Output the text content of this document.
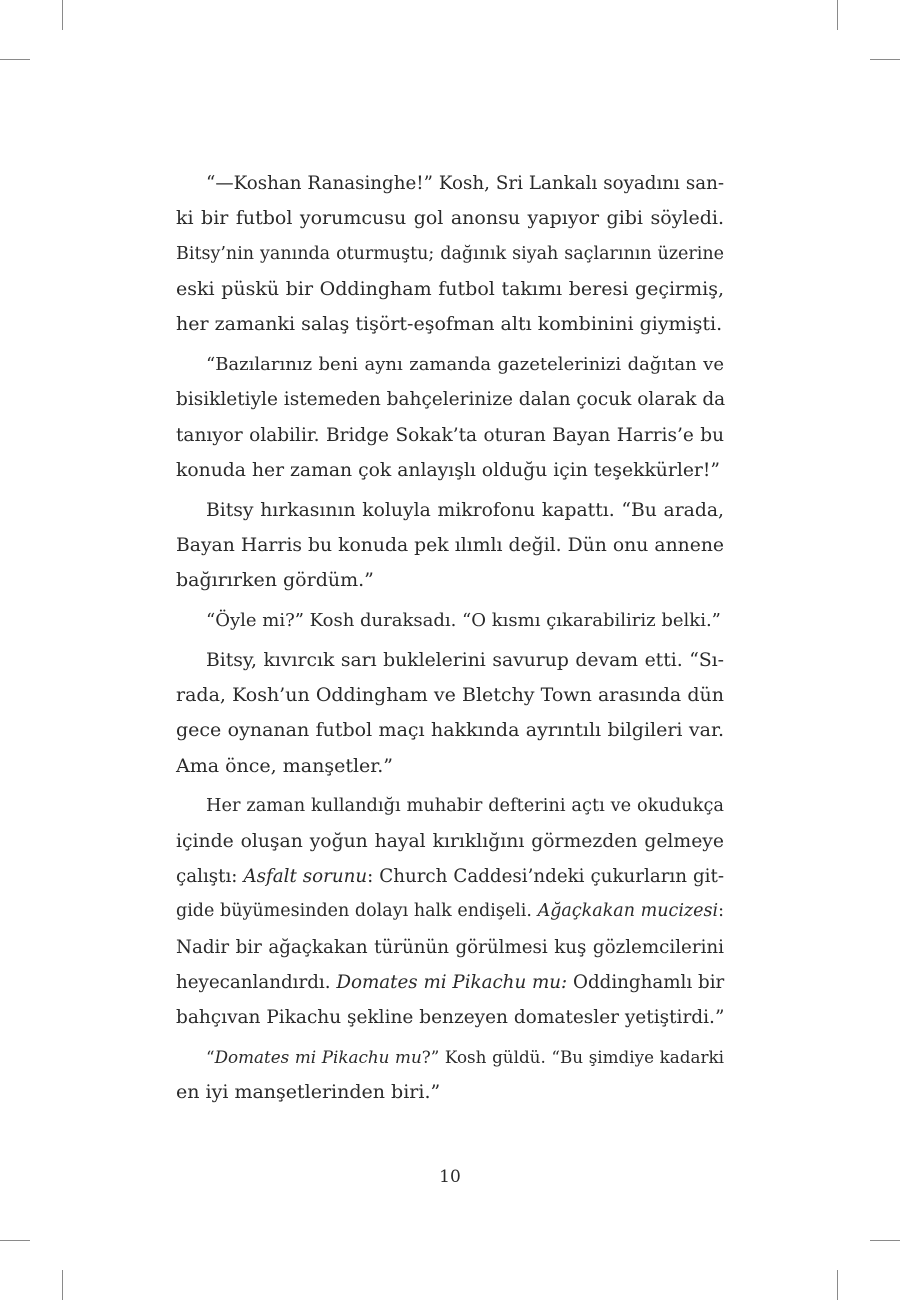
“—Koshan Ranasinghe!” Kosh, Sri Lankalı soyadını san-
ki bir futbol yorumcusu gol anonsu yapıyor gibi söyledi.
Bitsy’nin yanında oturmuştu; dağınık siyah saçlarının üzerine
eski püskü bir Oddingham futbol takımı beresi geçirmiş,
her zamanki salaş tişört-eşofman altı kombinini giymişti.

“Bazılarınız beni aynı zamanda gazetelerinizi dağıtan ve
bisikletiyle istemeden bahçelerinize dalan çocuk olarak da
tanıyor olabilir. Bridge Sokak’ta oturan Bayan Harris’e bu
konuda her zaman çok anlayışlı olduğu için teşekkürler!”

Bitsy hırkasının koluyla mikrofonu kapattı. “Bu arada,
Bayan Harris bu konuda pek ılımlı değil. Dün onu annene
bağırırken gördüm.”

“Öyle mi?” Kosh duraksadı. “O kısmı çıkarabiliriz belki.”

Bitsy, kıvırcık sarı buklelerini savurup devam etti. “Sı-
rada, Kosh’un Oddingham ve Bletchy Town arasında dün
gece oynanan futbol maçı hakkında ayrıntılı bilgileri var.
Ama önce, manşetler.”

Her zaman kullandığı muhabir defterini açtı ve okudukça
içinde oluşan yoğun hayal kırıklığını görmezden gelmeye
çalıştı: Asfalt sorunu: Church Caddesi’ndeki çukurların git-
gide büyümesinden dolayı halk endişeli. Ağaçkakan mucizesi:
Nadir bir ağaçkakan türünün görülmesi kuş gözlemcilerini
heyecanlandırdı. Domates mi Pikachu mu: Oddinghamlı bir
bahçıvan Pikachu şekline benzeyen domatesler yetiştirdi.”

“Domates mi Pikachu mu?” Kosh güldü. “Bu şimdiye kadarki
en iyi manşetlerinden biri.”

10
